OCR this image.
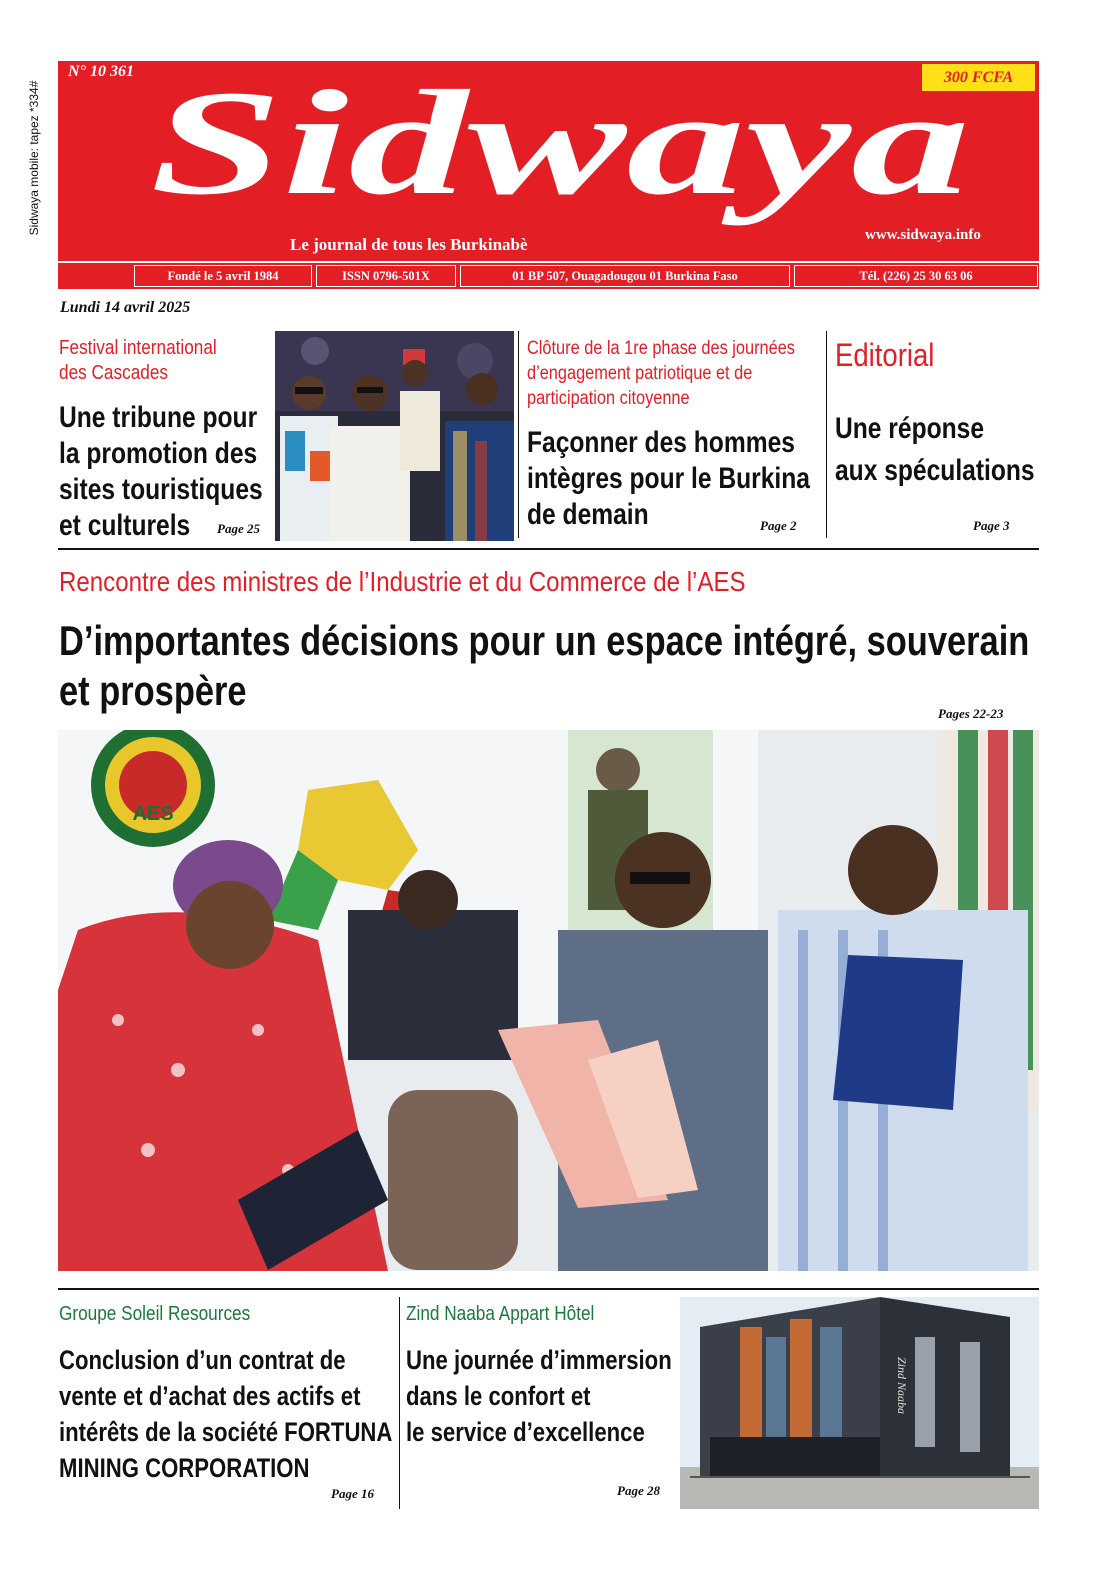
Sidwaya mobile: tapez *334#
N° 10 361	300 FCFA
Sidwaya
Le journal de tous les Burkinabè	www.sidwaya.info
Fondé le 5 avril 1984	ISSN 0796-501X	01 BP 507, Ouagadougou 01 Burkina Faso	Tél. (226) 25 30 63 06
Lundi 14 avril 2025
Festival international
des Cascades
Une tribune pour
la promotion des
sites touristiques
et culturels	Page 25
Clôture de la 1re phase des journées
d’engagement patriotique et de
participation citoyenne
Façonner des hommes
intègres pour le Burkina
de demain	Page 2
Editorial
Une réponse
aux spéculations
Page 3
Rencontre des ministres de l’Industrie et du Commerce de l’AES
D’importantes décisions pour un espace intégré, souverain
et prospère	Pages 22-23
AES
Groupe Soleil Resources
Conclusion d’un contrat de
vente et d’achat des actifs et
intérêts de la société FORTUNA
MINING CORPORATION
Page 16
Zind Naaba Appart Hôtel
Une journée d’immersion
dans le confort et
le service d’excellence
Page 28
Zind Naaba
